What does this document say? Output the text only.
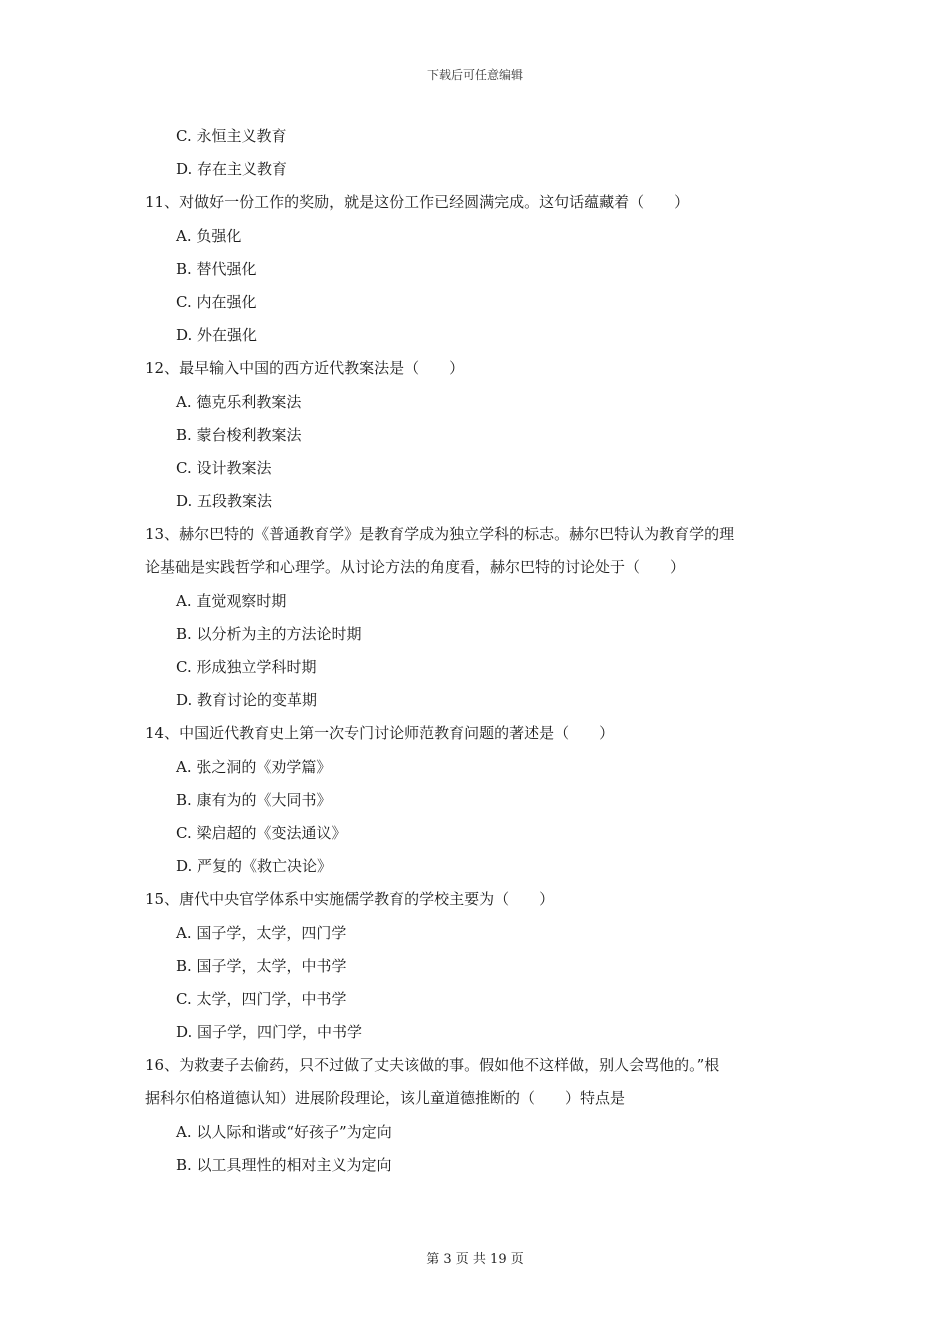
下载后可任意编辑
C. 永恒主义教育
D. 存在主义教育
11、对做好一份工作的奖励，就是这份工作已经圆满完成。这句话蕴藏着（　　）
A. 负强化
B. 替代强化
C. 内在强化
D. 外在强化
12、最早输入中国的西方近代教案法是（　　）
A. 德克乐利教案法
B. 蒙台梭利教案法
C. 设计教案法
D. 五段教案法
13、赫尔巴特的《普通教育学》是教育学成为独立学科的标志。赫尔巴特认为教育学的理
论基础是实践哲学和心理学。从讨论方法的角度看，赫尔巴特的讨论处于（　　）
A. 直觉观察时期
B. 以分析为主的方法论时期
C. 形成独立学科时期
D. 教育讨论的变革期
14、中国近代教育史上第一次专门讨论师范教育问题的著述是（　　）
A. 张之洞的《劝学篇》
B. 康有为的《大同书》
C. 梁启超的《变法通议》
D. 严复的《救亡决论》
15、唐代中央官学体系中实施儒学教育的学校主要为（　　）
A. 国子学，太学，四门学
B. 国子学，太学，中书学
C. 太学，四门学，中书学
D. 国子学，四门学，中书学
16、为救妻子去偷药，只不过做了丈夫该做的事。假如他不这样做，别人会骂他的。”根
据科尔伯格道德认知）进展阶段理论，该儿童道德推断的（　　）特点是
A. 以人际和谐或“好孩子”为定向
B. 以工具理性的相对主义为定向
第 3 页 共 19 页
